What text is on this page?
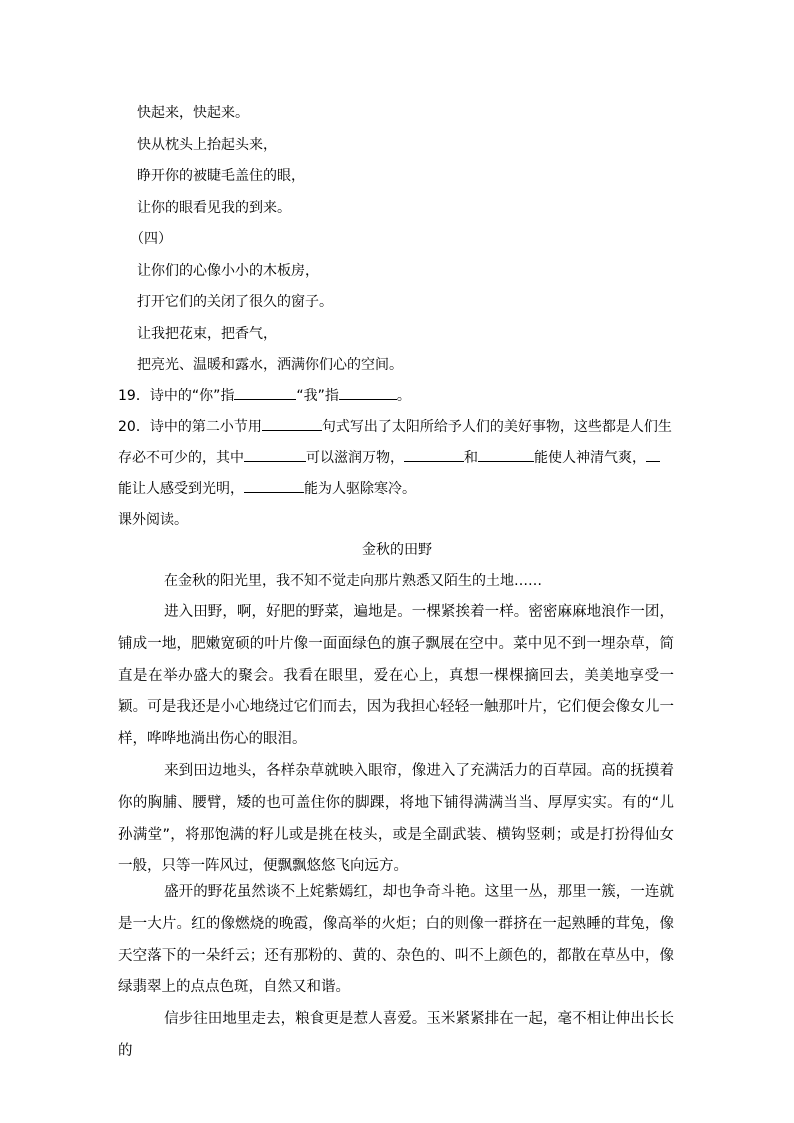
快起来，快起来。
快从枕头上抬起头来，
睁开你的被睫毛盖住的眼，
让你的眼看见我的到来。
（四）
让你们的心像小小的木板房，
打开它们的关闭了很久的窗子。
让我把花束，把香气，
把亮光、温暖和露水，洒满你们心的空间。
19．诗中的“你”指	“我”指	。
20．诗中的第二小节用	句式写出了太阳所给予人们的美好事物，这些都是人们生
存必不可少的，其中	可以滋润万物，	和	能使人神清气爽，
能让人感受到光明，	能为人驱除寒冷。
课外阅读。
金秋的田野
在金秋的阳光里，我不知不觉走向那片熟悉又陌生的土地……
进入田野，啊，好肥的野菜，遍地是。一棵紧挨着一样。密密麻麻地浪作一团，铺成一地，肥嫩宽硕的叶片像一面面绿色的旗子飘展在空中。菜中见不到一埋杂草，简直是在举办盛大的聚会。我看在眼里，爱在心上，真想一棵棵摘回去，美美地享受一颖。可是我还是小心地绕过它们而去，因为我担心轻轻一触那叶片，它们便会像女儿一样，哗哗地淌出伤心的眼泪。
来到田边地头，各样杂草就映入眼帘，像进入了充满活力的百草园。高的抚摸着你的胸脯、腰臂，矮的也可盖住你的脚踝，将地下铺得满满当当、厚厚实实。有的“儿孙满堂”，将那饱满的籽儿或是挑在枝头，或是全副武装、横钩竖刺；或是打扮得仙女一般，只等一阵风过，便飘飘悠悠飞向远方。
盛开的野花虽然谈不上姹紫嫣红，却也争奇斗艳。这里一丛，那里一簇，一连就是一大片。红的像燃烧的晚霞，像高举的火炬；白的则像一群挤在一起熟睡的茸兔，像天空落下的一朵纤云；还有那粉的、黄的、杂色的、叫不上颜色的，都散在草丛中，像绿翡翠上的点点色斑，自然又和谐。
信步往田地里走去，粮食更是惹人喜爱。玉米紧紧排在一起，毫不相让伸出长长的
